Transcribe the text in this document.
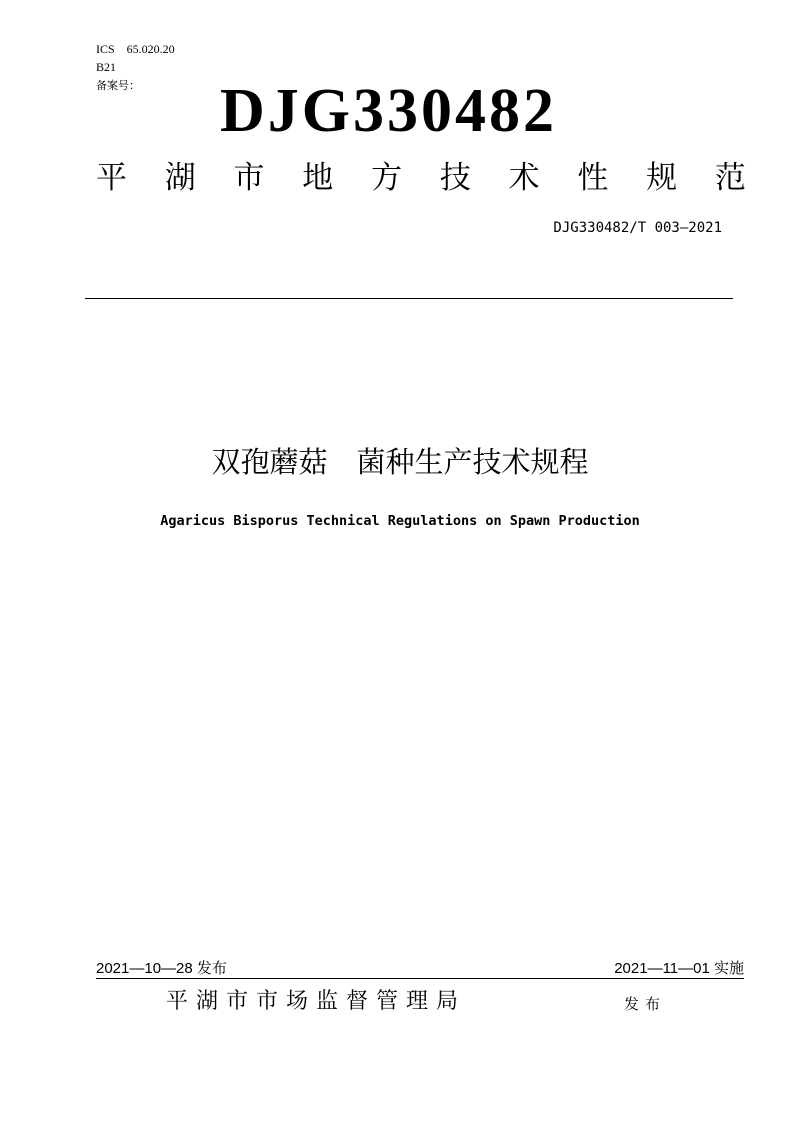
ICS　65.020.20

B21

备案号： DJG330482

平 湖 市 地 方 技 术 性 规 范

DJG330482/T 003—2021

双孢蘑菇　菌种生产技术规程

Agaricus Bisporus Technical Regulations on Spawn Production

2021—10—28 发布	2021—11—01 实施

平湖市市场监督管理局	发布
